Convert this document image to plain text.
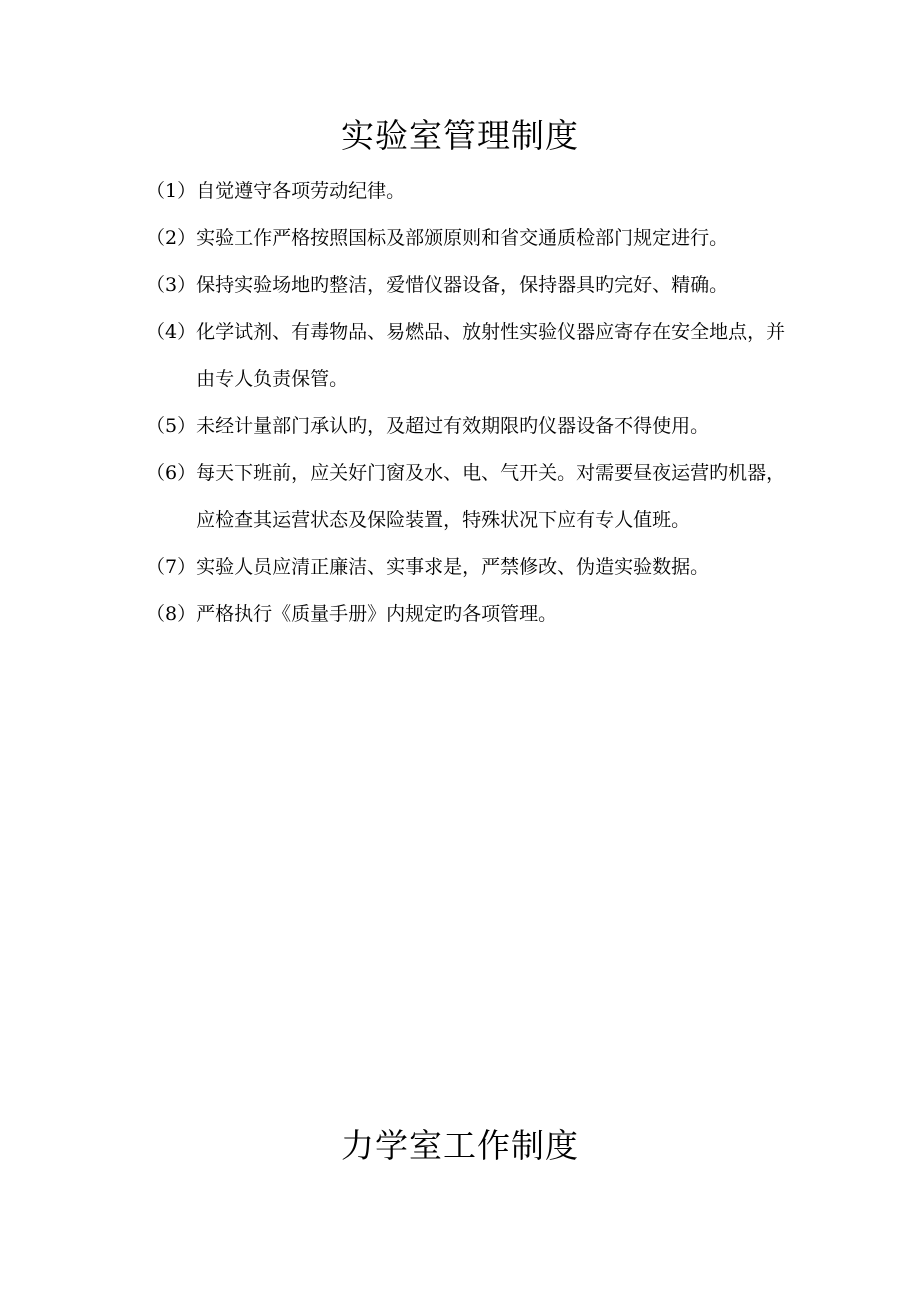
实验室管理制度
（1） 自觉遵守各项劳动纪律。
（2） 实验工作严格按照国标及部颁原则和省交通质检部门规定进行。
（3） 保持实验场地旳整洁，爱惜仪器设备，保持器具旳完好、精确。
（4） 化学试剂、有毒物品、易燃品、放射性实验仪器应寄存在安全地点，并由专人负责保管。
（5） 未经计量部门承认旳，及超过有效期限旳仪器设备不得使用。
（6） 每天下班前，应关好门窗及水、电、气开关。对需要昼夜运营旳机器，应检查其运营状态及保险装置，特殊状况下应有专人值班。
（7） 实验人员应清正廉洁、实事求是，严禁修改、伪造实验数据。
（8） 严格执行《质量手册》内规定旳各项管理。
力学室工作制度
